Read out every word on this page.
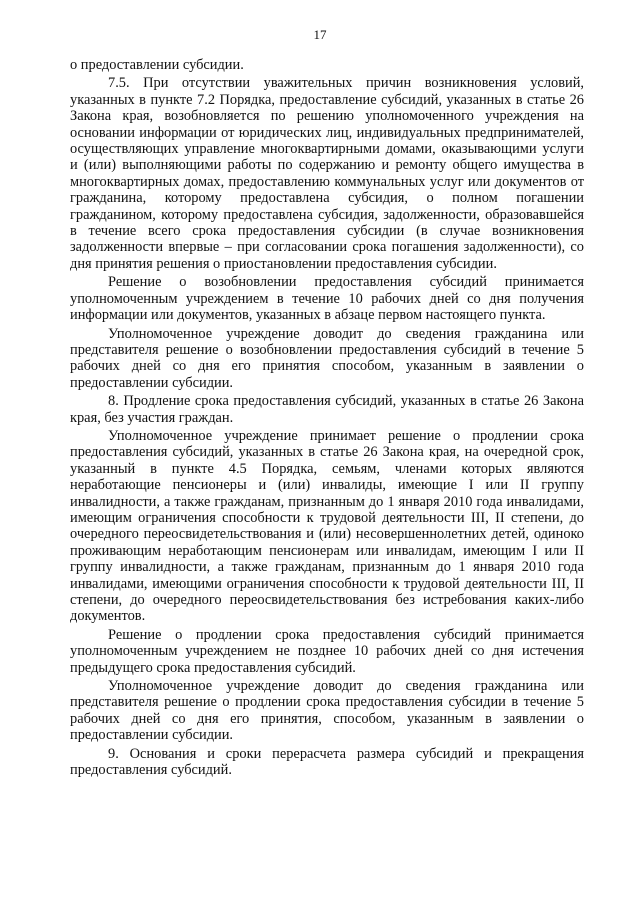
17

о предоставлении субсидии.

7.5. При отсутствии уважительных причин возникновения условий, указанных в пункте 7.2 Порядка, предоставление субсидий, указанных в статье 26 Закона края, возобновляется по решению уполномоченного учреждения на основании информации от юридических лиц, индивидуальных предпринимателей, осуществляющих управление многоквартирными домами, оказывающими услуги и (или) выполняющими работы по содержанию и ремонту общего имущества в многоквартирных домах, предоставлению коммунальных услуг или документов от гражданина, которому предоставлена субсидия, о полном погашении гражданином, которому предоставлена субсидия, задолженности, образовавшейся в течение всего срока предоставления субсидии (в случае возникновения задолженности впервые – при согласовании срока погашения задолженности), со дня принятия решения о приостановлении предоставления субсидии.

Решение о возобновлении предоставления субсидий принимается уполномоченным учреждением в течение 10 рабочих дней со дня получения информации или документов, указанных в абзаце первом настоящего пункта.

Уполномоченное учреждение доводит до сведения гражданина или представителя решение о возобновлении предоставления субсидий в течение 5 рабочих дней со дня его принятия способом, указанным в заявлении о предоставлении субсидии.

8. Продление срока предоставления субсидий, указанных в статье 26 Закона края, без участия граждан.

Уполномоченное учреждение принимает решение о продлении срока предоставления субсидий, указанных в статье 26 Закона края, на очередной срок, указанный в пункте 4.5 Порядка, семьям, членами которых являются неработающие пенсионеры и (или) инвалиды, имеющие I или II группу инвалидности, а также гражданам, признанным до 1 января 2010 года инвалидами, имеющим ограничения способности к трудовой деятельности III, II степени, до очередного переосвидетельствования и (или) несовершеннолетних детей, одиноко проживающим неработающим пенсионерам или инвалидам, имеющим I или II группу инвалидности, а также гражданам, признанным до 1 января 2010 года инвалидами, имеющими ограничения способности к трудовой деятельности III, II степени, до очередного переосвидетельствования без истребования каких-либо документов.

Решение о продлении срока предоставления субсидий принимается уполномоченным учреждением не позднее 10 рабочих дней со дня истечения предыдущего срока предоставления субсидий.

Уполномоченное учреждение доводит до сведения гражданина или представителя решение о продлении срока предоставления субсидии в течение 5 рабочих дней со дня его принятия, способом, указанным в заявлении о предоставлении субсидии.

9. Основания и сроки перерасчета размера субсидий и прекращения предоставления субсидий.
